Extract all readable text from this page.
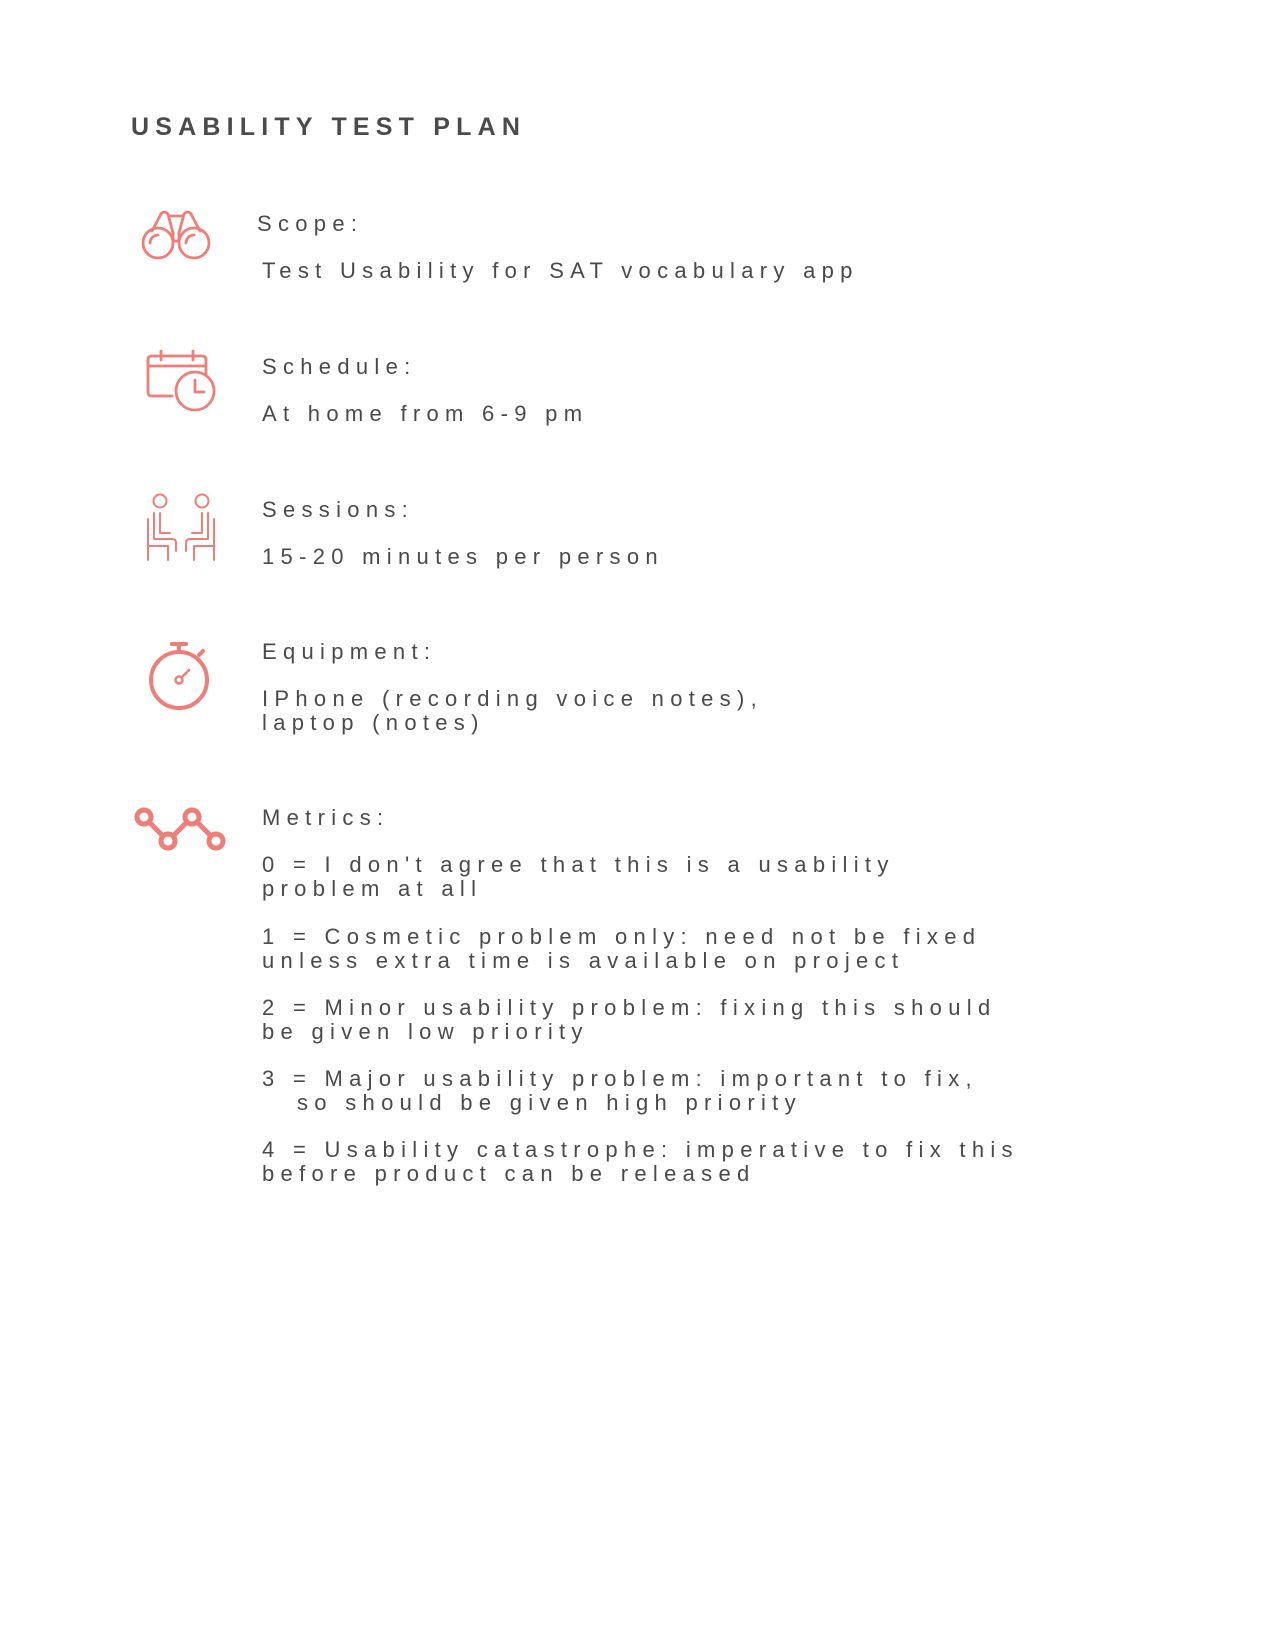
USABILITY TEST PLAN

Scope:

Test Usability for SAT vocabulary app

Schedule:

At home from 6-9 pm

Sessions:

15-20 minutes per person

Equipment:

IPhone (recording voice notes),

laptop (notes)

Metrics:

0 = I don't agree that this is a usability

problem at all

1 = Cosmetic problem only: need not be fixed

unless extra time is available on project

2 = Minor usability problem: fixing this should

be given low priority

3 = Major usability problem: important to fix,

so should be given high priority

4 = Usability catastrophe: imperative to fix this

before product can be released
